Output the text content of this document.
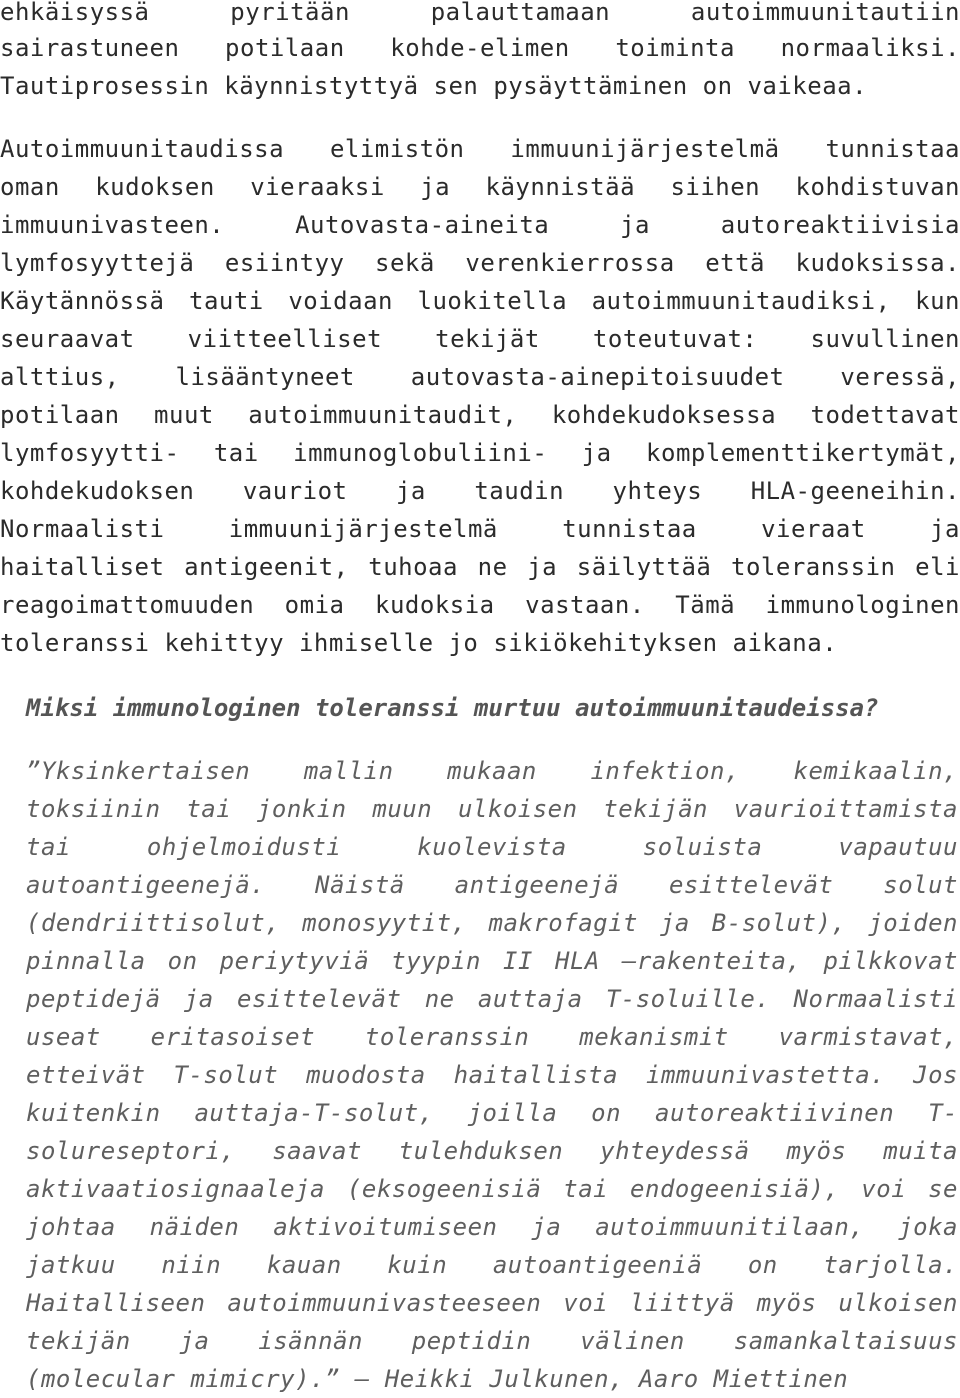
ehkäisyssä pyritään palauttamaan autoimmuunitautiin
sairastuneen potilaan kohde-elimen toiminta normaaliksi.
Tautiprosessin käynnistyttyä sen pysäyttäminen on vaikeaa.
Autoimmuunitaudissa elimistön immuunijärjestelmä tunnistaa
oman kudoksen vieraaksi ja käynnistää siihen kohdistuvan
immuunivasteen. Autovasta-aineita ja autoreaktiivisia
lymfosyyttejä esiintyy sekä verenkierrossa että kudoksissa.
Käytännössä tauti voidaan luokitella autoimmuunitaudiksi, kun
seuraavat viitteelliset tekijät toteutuvat: suvullinen
alttius, lisääntyneet autovasta-ainepitoisuudet veressä,
potilaan muut autoimmuunitaudit, kohdekudoksessa todettavat
lymfosyytti- tai immunoglobuliini- ja komplementtikertymät,
kohdekudoksen vauriot ja taudin yhteys HLA-geeneihin.
Normaalisti immuunijärjestelmä tunnistaa vieraat ja
haitalliset antigeenit, tuhoaa ne ja säilyttää toleranssin eli
reagoimattomuuden omia kudoksia vastaan. Tämä immunologinen
toleranssi kehittyy ihmiselle jo sikiökehityksen aikana.
Miksi immunologinen toleranssi murtuu autoimmuunitaudeissa?
”Yksinkertaisen mallin mukaan infektion, kemikaalin,
toksiinin tai jonkin muun ulkoisen tekijän vaurioittamista
tai ohjelmoidusti kuolevista soluista vapautuu
autoantigeenejä. Näistä antigeenejä esittelevät solut
(dendriittisolut, monosyytit, makrofagit ja B-solut), joiden
pinnalla on periytyviä tyypin II HLA –rakenteita, pilkkovat
peptidejä ja esittelevät ne auttaja T-soluille. Normaalisti
useat eritasoiset toleranssin mekanismit varmistavat,
etteivät T-solut muodosta haitallista immuunivastetta. Jos
kuitenkin auttaja-T-solut, joilla on autoreaktiivinen T-
solureseptori, saavat tulehduksen yhteydessä myös muita
aktivaatiosignaaleja (eksogeenisiä tai endogeenisiä), voi se
johtaa näiden aktivoitumiseen ja autoimmuunitilaan, joka
jatkuu niin kauan kuin autoantigeeniä on tarjolla.
Haitalliseen autoimmuunivasteeseen voi liittyä myös ulkoisen
tekijän ja isännän peptidin välinen samankaltaisuus
(molecular mimicry).” – Heikki Julkunen, Aaro Miettinen
